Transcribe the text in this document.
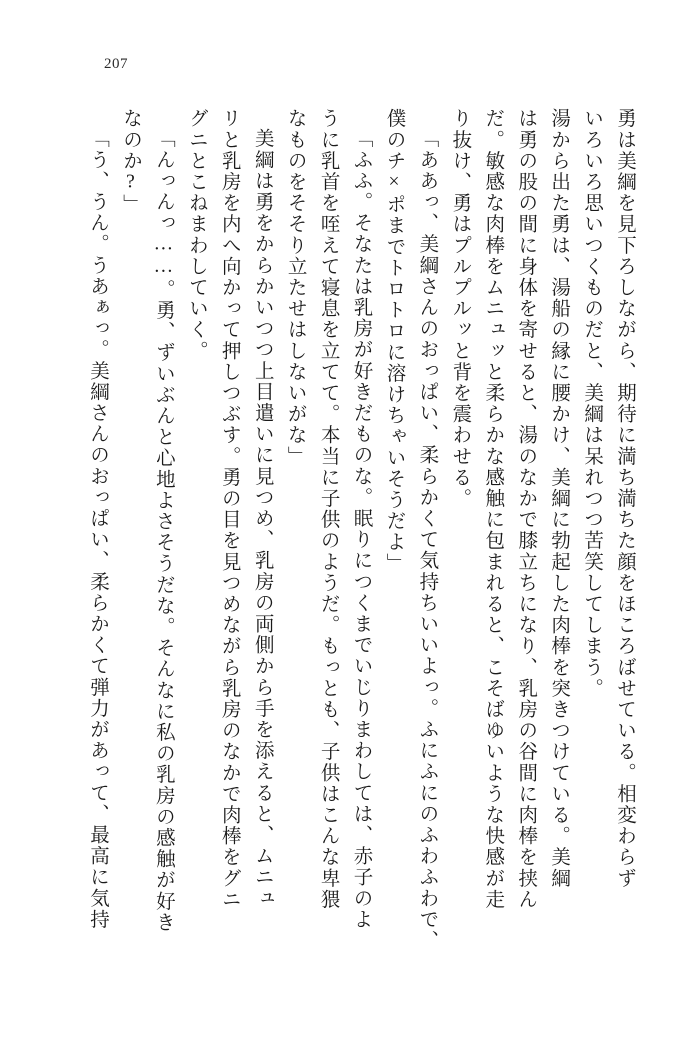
207
勇は美綱を見下ろしながら、期待に満ち満ちた顔をほころばせている。相変わらず
いろいろ思いつくものだと、美綱は呆れつつ苦笑してしまう。
湯から出た勇は、湯船の縁に腰かけ、美綱に勃起した肉棒を突きつけている。美綱
は勇の股の間に身体を寄せると、湯のなかで膝立ちになり、乳房の谷間に肉棒を挟ん
だ。敏感な肉棒をムニュッと柔らかな感触に包まれると、こそばゆいような快感が走
り抜け、勇はプルプルッと背を震わせる。
「ああっ、美綱さんのおっぱい、柔らかくて気持ちいいよっ。ふにふにのふわふわで、
僕のチ×ポまでトロトロに溶けちゃいそうだよ」
「ふふ。そなたは乳房が好きだものな。眠りにつくまでいじりまわしては、赤子のよ
うに乳首を咥えて寝息を立てて。本当に子供のようだ。もっとも、子供はこんな卑猥
なものをそそり立たせはしないがな」
美綱は勇をからかいつつ上目遣いに見つめ、乳房の両側から手を添えると、ムニュ
リと乳房を内へ向かって押しつぶす。勇の目を見つめながら乳房のなかで肉棒をグニ
グニとこねまわしていく。
「んっんっ……。勇、ずいぶんと心地よさそうだな。そんなに私の乳房の感触が好き
なのか?」
「う、うん。うあぁっ。美綱さんのおっぱい、柔らかくて弾力があって、最高に気持
